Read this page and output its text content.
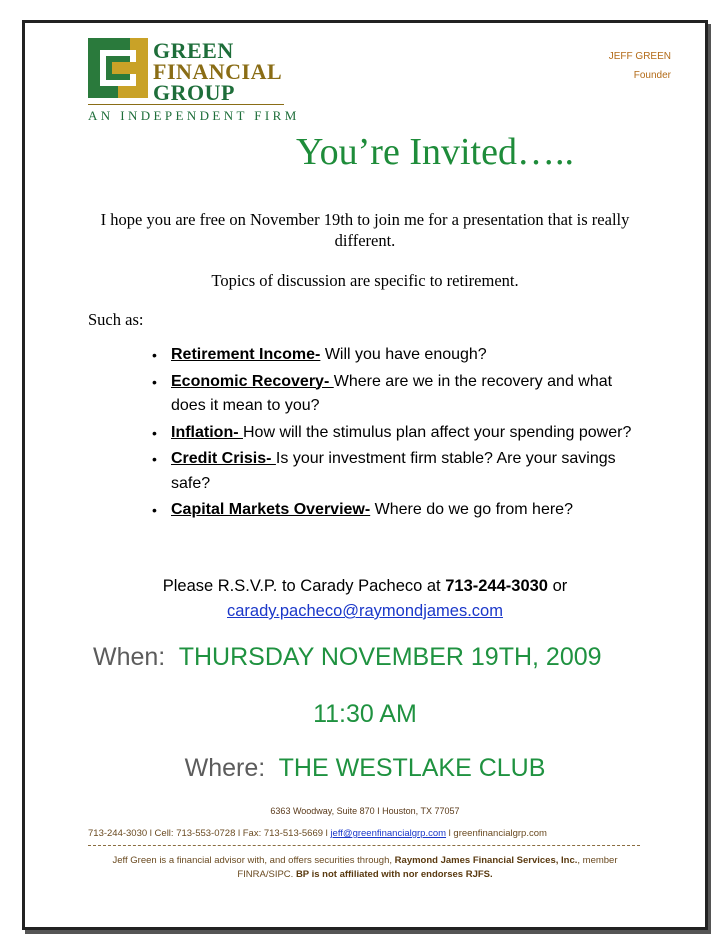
GREEN
FINANCIAL
GROUP
AN INDEPENDENT FIRM
JEFF GREEN
Founder
You’re Invited…..
I hope you are free on November 19th to join me for a presentation that is really different.
Topics of discussion are specific to retirement.
Such as:
• Retirement Income- Will you have enough?
• Economic Recovery- Where are we in the recovery and what does it mean to you?
• Inflation- How will the stimulus plan affect your spending power?
• Credit Crisis- Is your investment firm stable? Are your savings safe?
• Capital Markets Overview- Where do we go from here?
Please R.S.V.P. to Carady Pacheco at 713-244-3030 or
carady.pacheco@raymondjames.com
When: THURSDAY NOVEMBER 19TH, 2009
11:30 AM
Where: THE WESTLAKE CLUB
6363 Woodway, Suite 870 I Houston, TX 77057
713-244-3030 l Cell: 713-553-0728 l Fax: 713-513-5669 l jeff@greenfinancialgrp.com l greenfinancialgrp.com
Jeff Green is a financial advisor with, and offers securities through, Raymond James Financial Services, Inc., member FINRA/SIPC. BP is not affiliated with nor endorses RJFS.
